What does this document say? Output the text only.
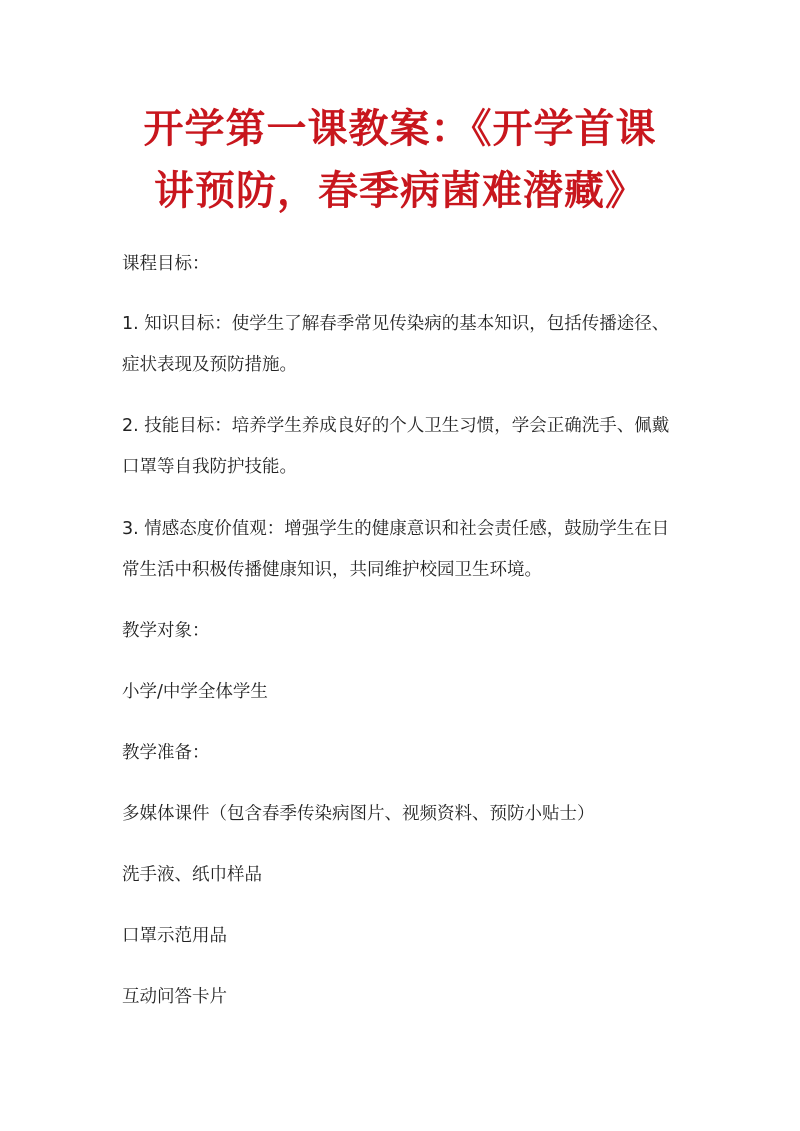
开学第一课教案：《开学首课
讲预防，春季病菌难潜藏》

课程目标：

1. 知识目标：使学生了解春季常见传染病的基本知识，包括传播途径、症状表现及预防措施。

2. 技能目标：培养学生养成良好的个人卫生习惯，学会正确洗手、佩戴口罩等自我防护技能。

3. 情感态度价值观：增强学生的健康意识和社会责任感，鼓励学生在日常生活中积极传播健康知识，共同维护校园卫生环境。

教学对象：

小学/中学全体学生

教学准备：

多媒体课件（包含春季传染病图片、视频资料、预防小贴士）

洗手液、纸巾样品

口罩示范用品

互动问答卡片
